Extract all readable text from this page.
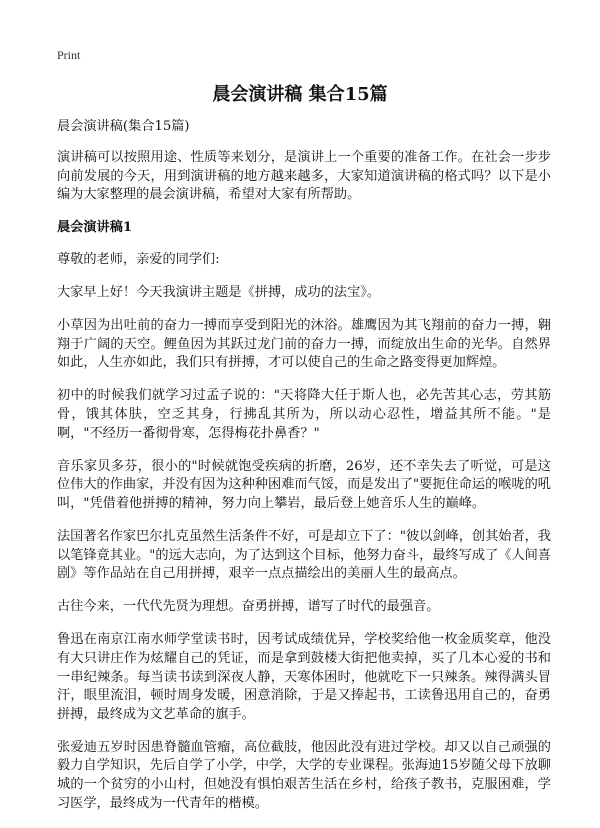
Print
晨会演讲稿 集合15篇

晨会演讲稿(集合15篇)

演讲稿可以按照用途、性质等来划分，是演讲上一个重要的准备工作。在社会一步步向前发展的今天，用到演讲稿的地方越来越多，大家知道演讲稿的格式吗？以下是小编为大家整理的晨会演讲稿，希望对大家有所帮助。

晨会演讲稿1

尊敬的老师，亲爱的同学们:

大家早上好！今天我演讲主题是《拼搏，成功的法宝》。

小草因为出吐前的奋力一搏而享受到阳光的沐浴。雄鹰因为其飞翔前的奋力一搏，翱翔于广阔的天空。鲤鱼因为其跃过龙门前的奋力一搏，而绽放出生命的光华。自然界如此，人生亦如此，我们只有拼搏，才可以使自己的生命之路变得更加辉煌。

初中的时候我们就学习过孟子说的："天将降大任于斯人也，必先苦其心志，劳其筋骨，饿其体肤，空乏其身，行拂乱其所为，所以动心忍性，增益其所不能。"是啊，"不经历一番彻骨寒，怎得梅花扑鼻香？"

音乐家贝多芬，很小的"时候就饱受疾病的折磨，26岁，还不幸失去了听觉，可是这位伟大的作曲家，并没有因为这种种困难而气馁，而是发出了"要扼住命运的喉咙的吼叫，"凭借着他拼搏的精神，努力向上攀岩，最后登上她音乐人生的巅峰。

法国著名作家巴尔扎克虽然生活条件不好，可是却立下了："彼以剑峰，创其始者，我以笔锋竟其业。"的远大志向，为了达到这个目标，他努力奋斗，最终写成了《人间喜剧》等作品站在自己用拼搏，艰辛一点点描绘出的美丽人生的最高点。

古往今来，一代代先贤为理想。奋勇拼搏，谱写了时代的最强音。

鲁迅在南京江南水师学堂读书时，因考试成绩优异，学校奖给他一枚金质奖章，他没有大只讲庄作为炫耀自己的凭证，而是拿到鼓楼大街把他卖掉，买了几本心爱的书和一串纪辣条。每当读书读到深夜人静，天寒体困时，他就吃下一只辣条。辣得满头冒汗，眼里流泪，顿时周身发暖，困意消除，于是又捧起书，工读鲁迅用自己的，奋勇拼搏，最终成为文艺革命的旗手。

张爱迪五岁时因患脊髓血管瘤，高位截肢，他因此没有进过学校。却又以自己顽强的毅力自学知识，先后自学了小学，中学，大学的专业课程。张海迪15岁随父母下放聊城的一个贫穷的小山村，但她没有惧怕艰苦生活在乡村，给孩子教书，克服困难，学习医学，最终成为一代青年的楷模。
